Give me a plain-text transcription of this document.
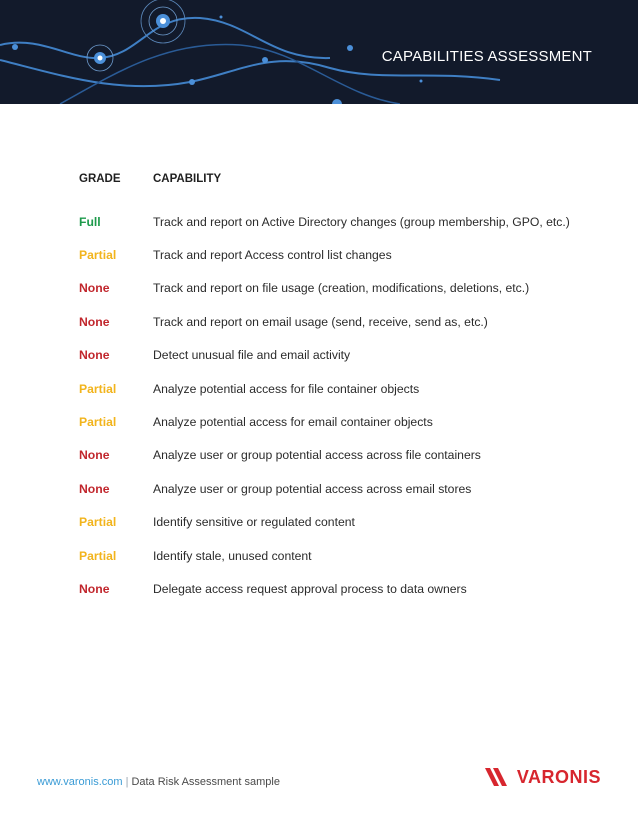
CAPABILITIES ASSESSMENT
GRADE	CAPABILITY
Full	Track and report on Active Directory changes (group membership, GPO, etc.)
Partial	Track and report Access control list changes
None	Track and report on file usage (creation, modifications, deletions, etc.)
None	Track and report on email usage (send, receive, send as, etc.)
None	Detect unusual file and email activity
Partial	Analyze potential access for file container objects
Partial	Analyze potential access for email container objects
None	Analyze user or group potential access across file containers
None	Analyze user or group potential access across email stores
Partial	Identify sensitive or regulated content
Partial	Identify stale, unused content
None	Delegate access request approval process to data owners
www.varonis.com | Data Risk Assessment sample	VARONIS
